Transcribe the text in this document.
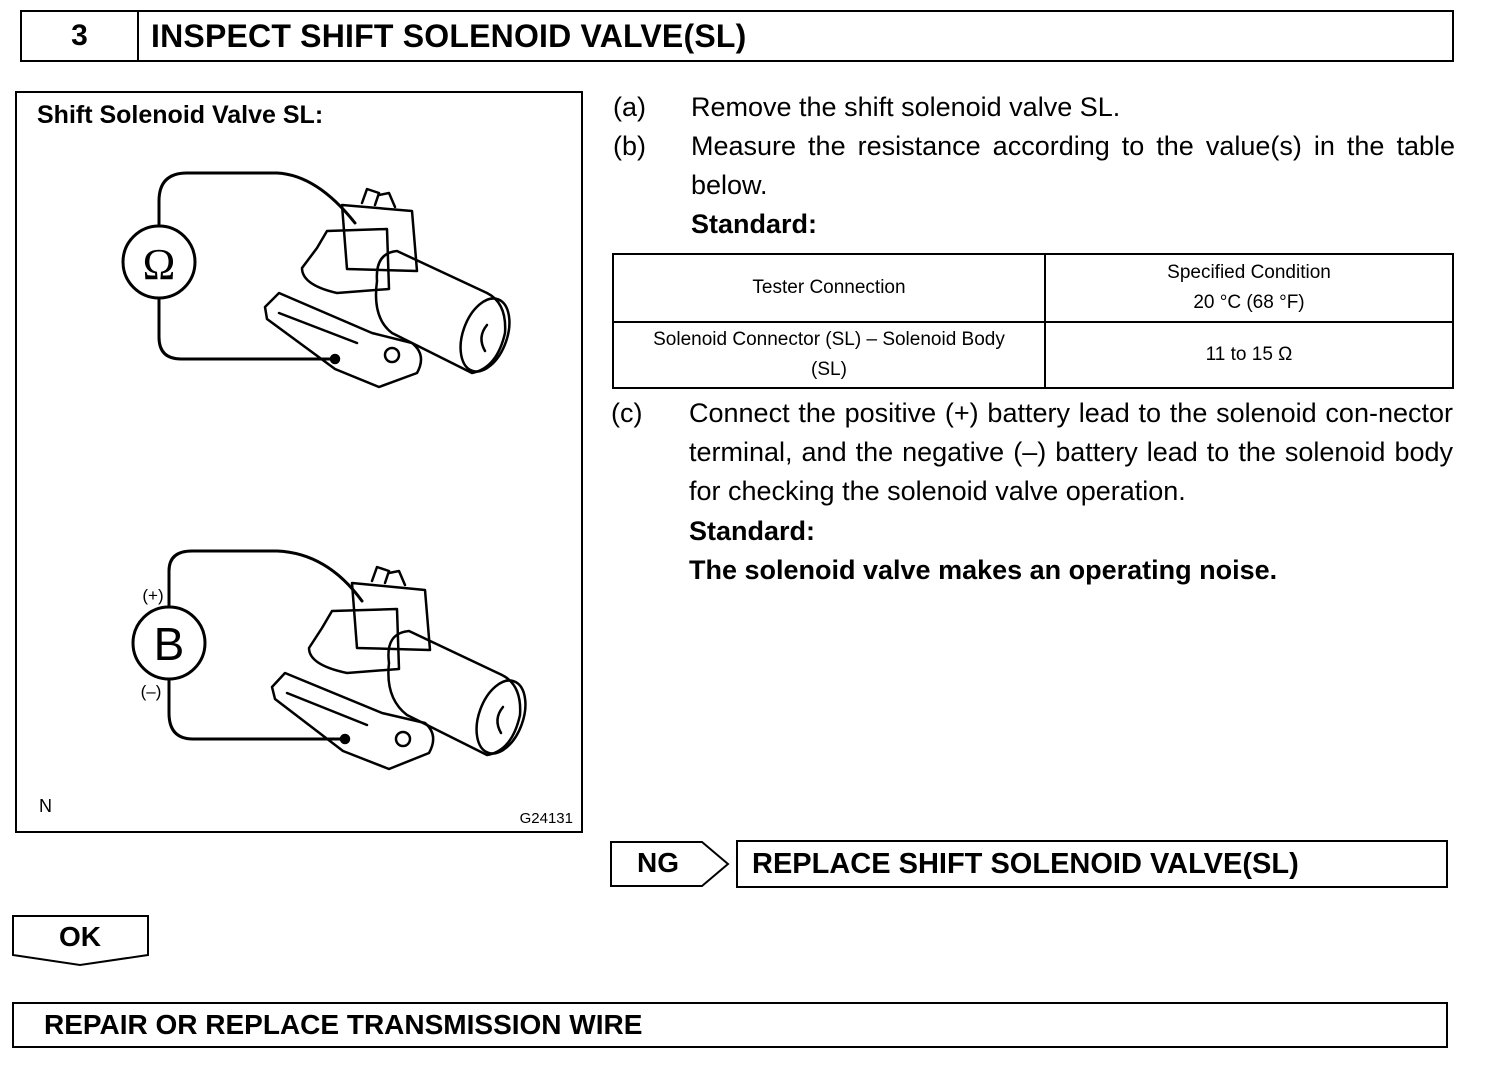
3	INSPECT SHIFT SOLENOID VALVE(SL)
Shift Solenoid Valve SL:
Ω
B
(+)
(–)
N
G24131
(a) Remove the shift solenoid valve SL.
(b) Measure the resistance according to the value(s) in the table below.
Standard:
Tester Connection	Specified Condition
20 °C (68 °F)

Solenoid Connector (SL) – Solenoid Body (SL)	11 to 15 Ω
(c) Connect the positive (+) battery lead to the solenoid con-nector terminal, and the negative (–) battery lead to the solenoid body for checking the solenoid valve operation.
Standard:
The solenoid valve makes an operating noise.
NG	REPLACE SHIFT SOLENOID VALVE(SL)
OK
REPAIR OR REPLACE TRANSMISSION WIRE
